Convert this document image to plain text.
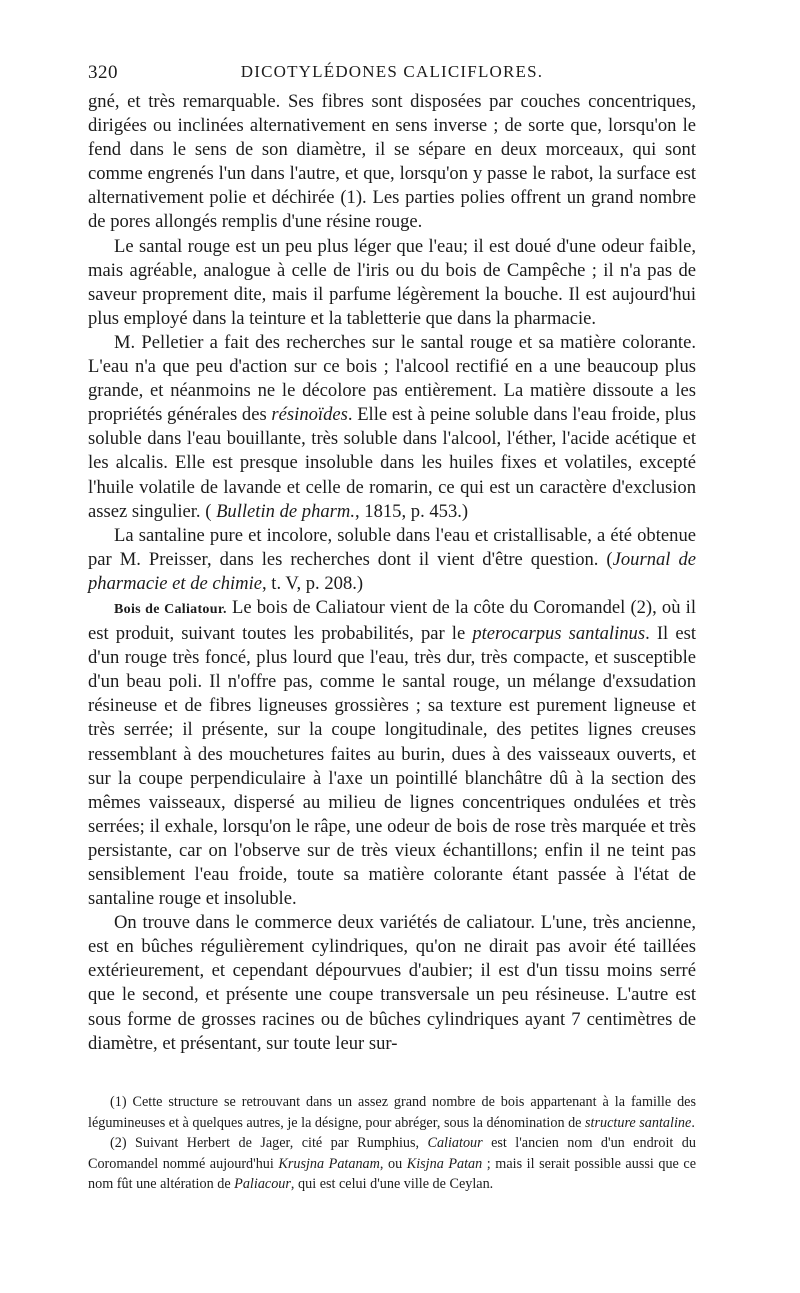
320	DICOTYLÉDONES CALICIFLORES.

gné, et très remarquable. Ses fibres sont disposées par couches concentriques, dirigées ou inclinées alternativement en sens inverse ; de sorte que, lorsqu'on le fend dans le sens de son diamètre, il se sépare en deux morceaux, qui sont comme engrenés l'un dans l'autre, et que, lorsqu'on y passe le rabot, la surface est alternativement polie et déchirée (1). Les parties polies offrent un grand nombre de pores allongés remplis d'une résine rouge.

Le santal rouge est un peu plus léger que l'eau; il est doué d'une odeur faible, mais agréable, analogue à celle de l'iris ou du bois de Campêche ; il n'a pas de saveur proprement dite, mais il parfume légèrement la bouche. Il est aujourd'hui plus employé dans la teinture et la tabletterie que dans la pharmacie.

M. Pelletier a fait des recherches sur le santal rouge et sa matière colorante. L'eau n'a que peu d'action sur ce bois ; l'alcool rectifié en a une beaucoup plus grande, et néanmoins ne le décolore pas entièrement. La matière dissoute a les propriétés générales des résinoïdes. Elle est à peine soluble dans l'eau froide, plus soluble dans l'eau bouillante, très soluble dans l'alcool, l'éther, l'acide acétique et les alcalis. Elle est presque insoluble dans les huiles fixes et volatiles, excepté l'huile volatile de lavande et celle de romarin, ce qui est un caractère d'exclusion assez singulier. ( Bulletin de pharm., 1815, p. 453.)

La santaline pure et incolore, soluble dans l'eau et cristallisable, a été obtenue par M. Preisser, dans les recherches dont il vient d'être question. (Journal de pharmacie et de chimie, t. V, p. 208.)

Bois de Caliatour. Le bois de Caliatour vient de la côte du Coromandel (2), où il est produit, suivant toutes les probabilités, par le pterocarpus santalinus. Il est d'un rouge très foncé, plus lourd que l'eau, très dur, très compacte, et susceptible d'un beau poli. Il n'offre pas, comme le santal rouge, un mélange d'exsudation résineuse et de fibres ligneuses grossières ; sa texture est purement ligneuse et très serrée; il présente, sur la coupe longitudinale, des petites lignes creuses ressemblant à des mouchetures faites au burin, dues à des vaisseaux ouverts, et sur la coupe perpendiculaire à l'axe un pointillé blanchâtre dû à la section des mêmes vaisseaux, dispersé au milieu de lignes concentriques ondulées et très serrées; il exhale, lorsqu'on le râpe, une odeur de bois de rose très marquée et très persistante, car on l'observe sur de très vieux échantillons; enfin il ne teint pas sensiblement l'eau froide, toute sa matière colorante étant passée à l'état de santaline rouge et insoluble.

On trouve dans le commerce deux variétés de caliatour. L'une, très ancienne, est en bûches régulièrement cylindriques, qu'on ne dirait pas avoir été taillées extérieurement, et cependant dépourvues d'aubier; il est d'un tissu moins serré que le second, et présente une coupe transversale un peu résineuse. L'autre est sous forme de grosses racines ou de bûches cylindriques ayant 7 centimètres de diamètre, et présentant, sur toute leur sur-

(1) Cette structure se retrouvant dans un assez grand nombre de bois appartenant à la famille des légumineuses et à quelques autres, je la désigne, pour abréger, sous la dénomination de structure santaline.

(2) Suivant Herbert de Jager, cité par Rumphius, Caliatour est l'ancien nom d'un endroit du Coromandel nommé aujourd'hui Krusjna Patanam, ou Kisjna Patan ; mais il serait possible aussi que ce nom fût une altération de Paliacour, qui est celui d'une ville de Ceylan.
